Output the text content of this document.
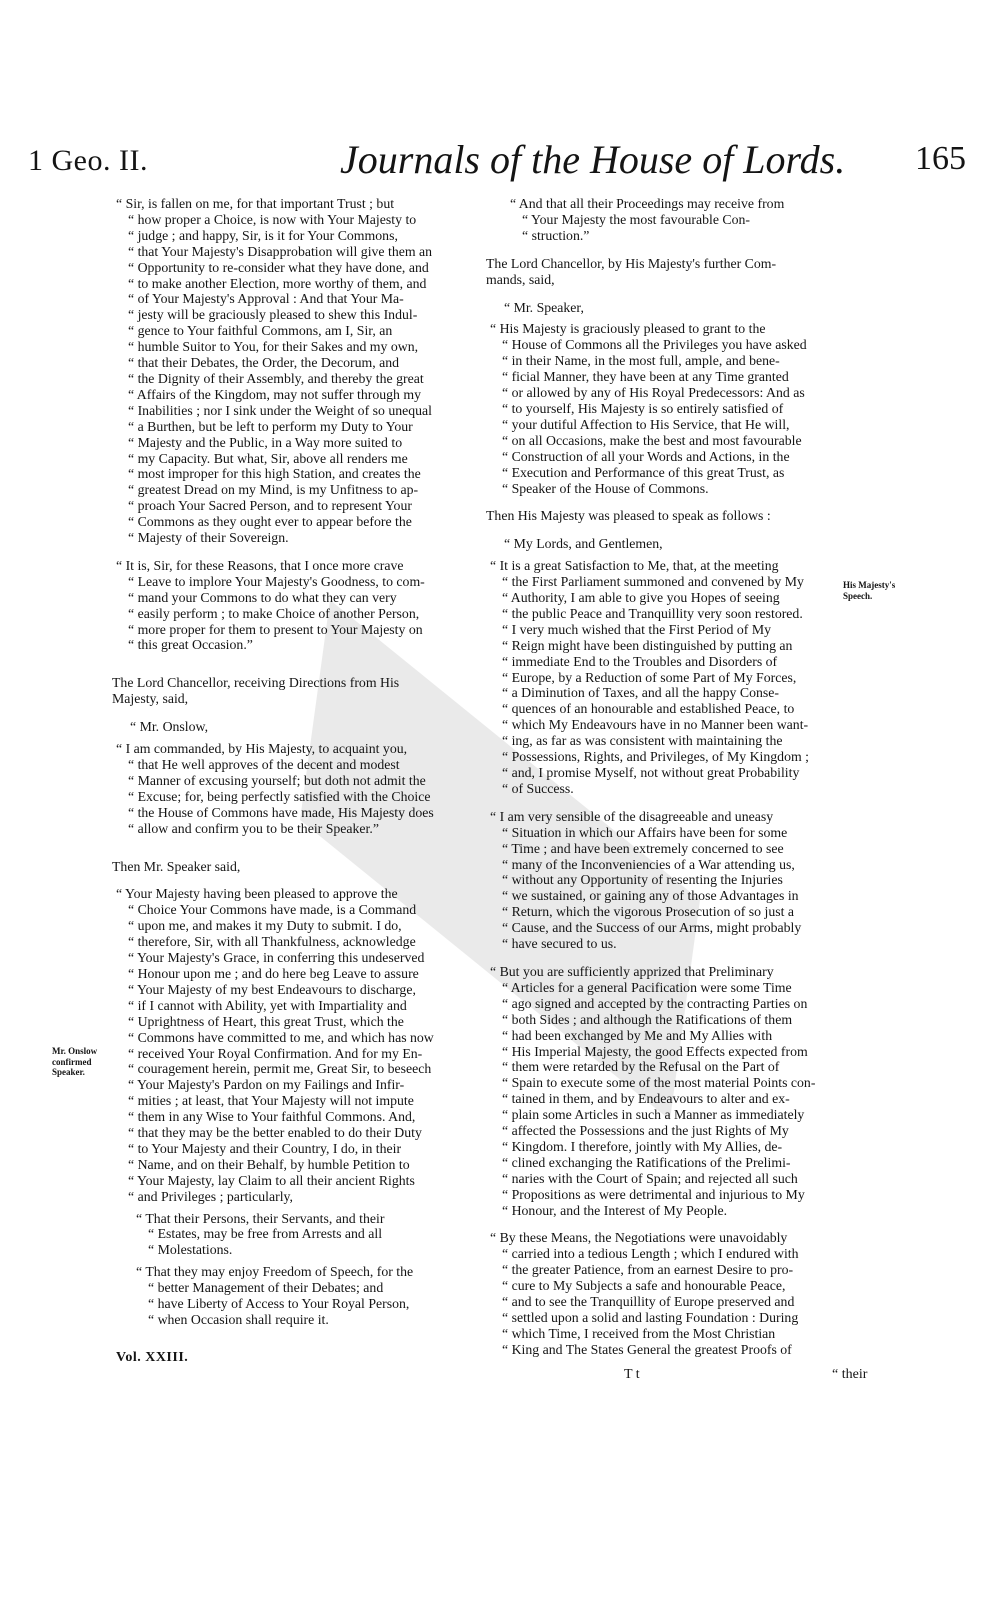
1 Geo. II.	Journals of the House of Lords. 165

“ Sir, is fallen on me, for that important Trust ; but
“ how proper a Choice, is now with Your Majesty to
“ judge ; and happy, Sir, is it for Your Commons,
“ that Your Majesty's Disapprobation will give them an
“ Opportunity to re-consider what they have done, and
“ to make another Election, more worthy of them, and
“ of Your Majesty's Approval : And that Your Ma-
“ jesty will be graciously pleased to shew this Indul-
“ gence to Your faithful Commons, am I, Sir, an
“ humble Suitor to You, for their Sakes and my own,
“ that their Debates, the Order, the Decorum, and
“ the Dignity of their Assembly, and thereby the great
“ Affairs of the Kingdom, may not suffer through my
“ Inabilities ; nor I sink under the Weight of so unequal
“ a Burthen, but be left to perform my Duty to Your
“ Majesty and the Public, in a Way more suited to
“ my Capacity. But what, Sir, above all renders me
“ most improper for this high Station, and creates the
“ greatest Dread on my Mind, is my Unfitness to ap-
“ proach Your Sacred Person, and to represent Your
“ Commons as they ought ever to appear before the
“ Majesty of their Sovereign.

“ It is, Sir, for these Reasons, that I once more crave
“ Leave to implore Your Majesty's Goodness, to com-
“ mand your Commons to do what they can very
“ easily perform ; to make Choice of another Person,
“ more proper for them to present to Your Majesty on
“ this great Occasion.”

The Lord Chancellor, receiving Directions from His
Majesty, said,

“ Mr. Onslow,

“ I am commanded, by His Majesty, to acquaint you,
“ that He well approves of the decent and modest
“ Manner of excusing yourself; but doth not admit the
“ Excuse; for, being perfectly satisfied with the Choice
“ the House of Commons have made, His Majesty does
“ allow and confirm you to be their Speaker.”

Then Mr. Speaker said,

“ Your Majesty having been pleased to approve the
“ Choice Your Commons have made, is a Command
“ upon me, and makes it my Duty to submit. I do,
“ therefore, Sir, with all Thankfulness, acknowledge
“ Your Majesty's Grace, in conferring this undeserved
“ Honour upon me ; and do here beg Leave to assure
“ Your Majesty of my best Endeavours to discharge,
“ if I cannot with Ability, yet with Impartiality and
“ Uprightness of Heart, this great Trust, which the
“ Commons have committed to me, and which has now
“ received Your Royal Confirmation. And for my En-
“ couragement herein, permit me, Great Sir, to beseech
“ Your Majesty's Pardon on my Failings and Infir-
“ mities ; at least, that Your Majesty will not impute
“ them in any Wise to Your faithful Commons. And,
“ that they may be the better enabled to do their Duty
“ to Your Majesty and their Country, I do, in their
“ Name, and on their Behalf, by humble Petition to
“ Your Majesty, lay Claim to all their ancient Rights
“ and Privileges ; particularly,

“ That their Persons, their Servants, and their
“ Estates, may be free from Arrests and all
“ Molestations.

“ That they may enjoy Freedom of Speech, for the
“ better Management of their Debates; and
“ have Liberty of Access to Your Royal Person,
“ when Occasion shall require it.

“ And that all their Proceedings may receive from
“ Your Majesty the most favourable Con-
“ struction.”

The Lord Chancellor, by His Majesty's further Com-
mands, said,

“ Mr. Speaker,

“ His Majesty is graciously pleased to grant to the
“ House of Commons all the Privileges you have asked
“ in their Name, in the most full, ample, and bene-
“ ficial Manner, they have been at any Time granted
“ or allowed by any of His Royal Predecessors: And as
“ to yourself, His Majesty is so entirely satisfied of
“ your dutiful Affection to His Service, that He will,
“ on all Occasions, make the best and most favourable
“ Construction of all your Words and Actions, in the
“ Execution and Performance of this great Trust, as
“ Speaker of the House of Commons.

Then His Majesty was pleased to speak as follows :

“ My Lords, and Gentlemen,

“ It is a great Satisfaction to Me, that, at the meeting
“ the First Parliament summoned and convened by My
“ Authority, I am able to give you Hopes of seeing
“ the public Peace and Tranquillity very soon restored.
“ I very much wished that the First Period of My
“ Reign might have been distinguished by putting an
“ immediate End to the Troubles and Disorders of
“ Europe, by a Reduction of some Part of My Forces,
“ a Diminution of Taxes, and all the happy Conse-
“ quences of an honourable and established Peace, to
“ which My Endeavours have in no Manner been want-
“ ing, as far as was consistent with maintaining the
“ Possessions, Rights, and Privileges, of My Kingdom ;
“ and, I promise Myself, not without great Probability
“ of Success.

“ I am very sensible of the disagreeable and uneasy
“ Situation in which our Affairs have been for some
“ Time ; and have been extremely concerned to see
“ many of the Inconveniencies of a War attending us,
“ without any Opportunity of resenting the Injuries
“ we sustained, or gaining any of those Advantages in
“ Return, which the vigorous Prosecution of so just a
“ Cause, and the Success of our Arms, might probably
“ have secured to us.

“ But you are sufficiently apprized that Preliminary
“ Articles for a general Pacification were some Time
“ ago signed and accepted by the contracting Parties on
“ both Sides ; and although the Ratifications of them
“ had been exchanged by Me and My Allies with
“ His Imperial Majesty, the good Effects expected from
“ them were retarded by the Refusal on the Part of
“ Spain to execute some of the most material Points con-
“ tained in them, and by Endeavours to alter and ex-
“ plain some Articles in such a Manner as immediately
“ affected the Possessions and the just Rights of My
“ Kingdom. I therefore, jointly with My Allies, de-
“ clined exchanging the Ratifications of the Prelimi-
“ naries with the Court of Spain; and rejected all such
“ Propositions as were detrimental and injurious to My
“ Honour, and the Interest of My People.

“ By these Means, the Negotiations were unavoidably
“ carried into a tedious Length ; which I endured with
“ the greater Patience, from an earnest Desire to pro-
“ cure to My Subjects a safe and honourable Peace,
“ and to see the Tranquillity of Europe preserved and
“ settled upon a solid and lasting Foundation : During
“ which Time, I received from the Most Christian
“ King and The States General the greatest Proofs of

Mr. Onslow
confirmed
Speaker.
His Majesty's
Speech.
Vol. XXIII.
T t	“ their
